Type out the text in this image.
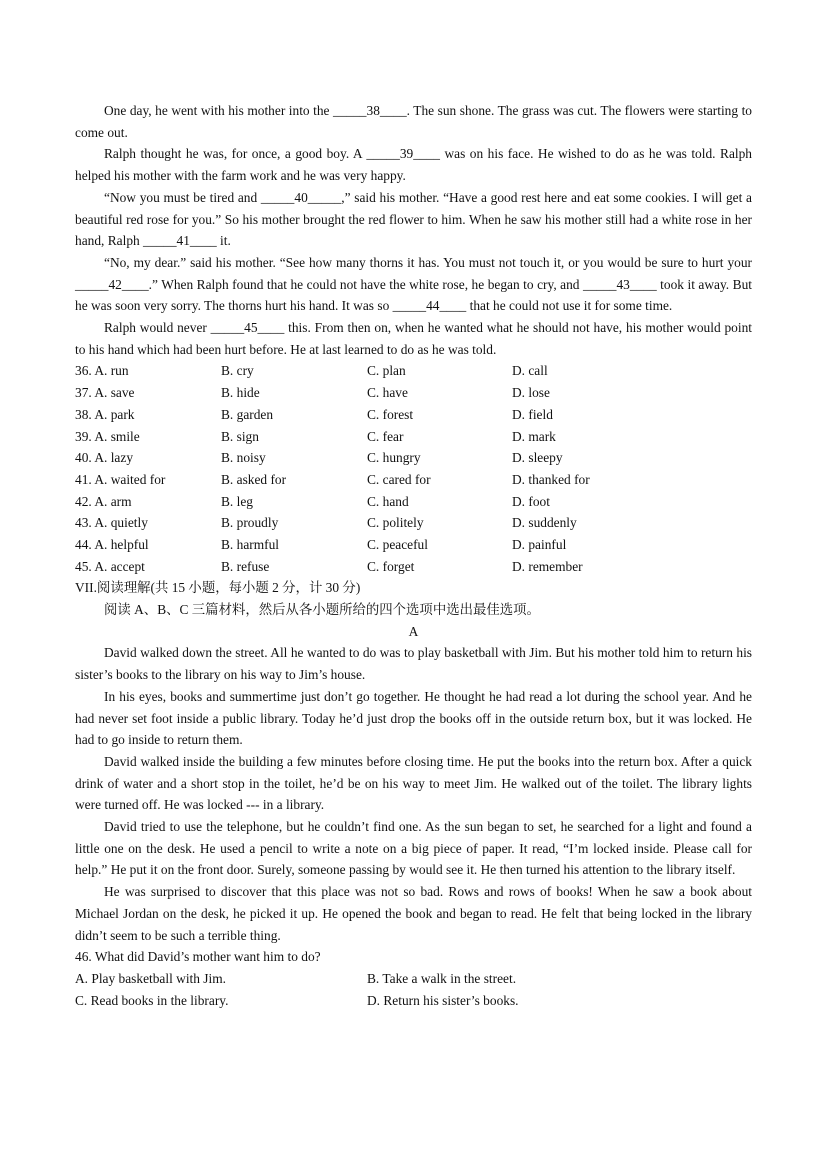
One day, he went with his mother into the _____38____. The sun shone. The grass was cut. The flowers were starting to come out.

Ralph thought he was, for once, a good boy. A _____39____ was on his face. He wished to do as he was told. Ralph helped his mother with the farm work and he was very happy.

“Now you must be tired and _____40_____,” said his mother. “Have a good rest here and eat some cookies. I will get a beautiful red rose for you.” So his mother brought the red flower to him. When he saw his mother still had a white rose in her hand, Ralph _____41____ it.

“No, my dear.” said his mother. “See how many thorns it has. You must not touch it, or you would be sure to hurt your _____42____.” When Ralph found that he could not have the white rose, he began to cry, and _____43____ took it away. But he was soon very sorry. The thorns hurt his hand. It was so _____44____ that he could not use it for some time.

Ralph would never _____45____ this. From then on, when he wanted what he should not have, his mother would point to his hand which had been hurt before. He at last learned to do as he was told.

36. A. run	B. cry	C. plan	D. call
37. A. save	B. hide	C. have	D. lose
38. A. park	B. garden	C. forest	D. field
39. A. smile	B. sign	C. fear	D. mark
40. A. lazy	B. noisy	C. hungry	D. sleepy
41. A. waited for	B. asked for	C. cared for	D. thanked for
42. A. arm	B. leg	C. hand	D. foot
43. A. quietly	B. proudly	C. politely	D. suddenly
44. A. helpful	B. harmful	C. peaceful	D. painful
45. A. accept	B. refuse	C. forget	D. remember

VII.阅读理解(共 15 小题，每小题 2 分，计 30 分)

阅读 A、B、C 三篇材料，然后从各小题所给的四个选项中选出最佳选项。

A

David walked down the street. All he wanted to do was to play basketball with Jim. But his mother told him to return his sister’s books to the library on his way to Jim’s house.

In his eyes, books and summertime just don’t go together. He thought he had read a lot during the school year. And he had never set foot inside a public library. Today he’d just drop the books off in the outside return box, but it was locked. He had to go inside to return them.

David walked inside the building a few minutes before closing time. He put the books into the return box. After a quick drink of water and a short stop in the toilet, he’d be on his way to meet Jim. He walked out of the toilet. The library lights were turned off. He was locked --- in a library.

David tried to use the telephone, but he couldn’t find one. As the sun began to set, he searched for a light and found a little one on the desk. He used a pencil to write a note on a big piece of paper. It read, “I’m locked inside. Please call for help.” He put it on the front door. Surely, someone passing by would see it. He then turned his attention to the library itself.

He was surprised to discover that this place was not so bad. Rows and rows of books! When he saw a book about Michael Jordan on the desk, he picked it up. He opened the book and began to read. He felt that being locked in the library didn’t seem to be such a terrible thing.

46. What did David’s mother want him to do?

A. Play basketball with Jim.	B. Take a walk in the street.
C. Read books in the library.	D. Return his sister’s books.
